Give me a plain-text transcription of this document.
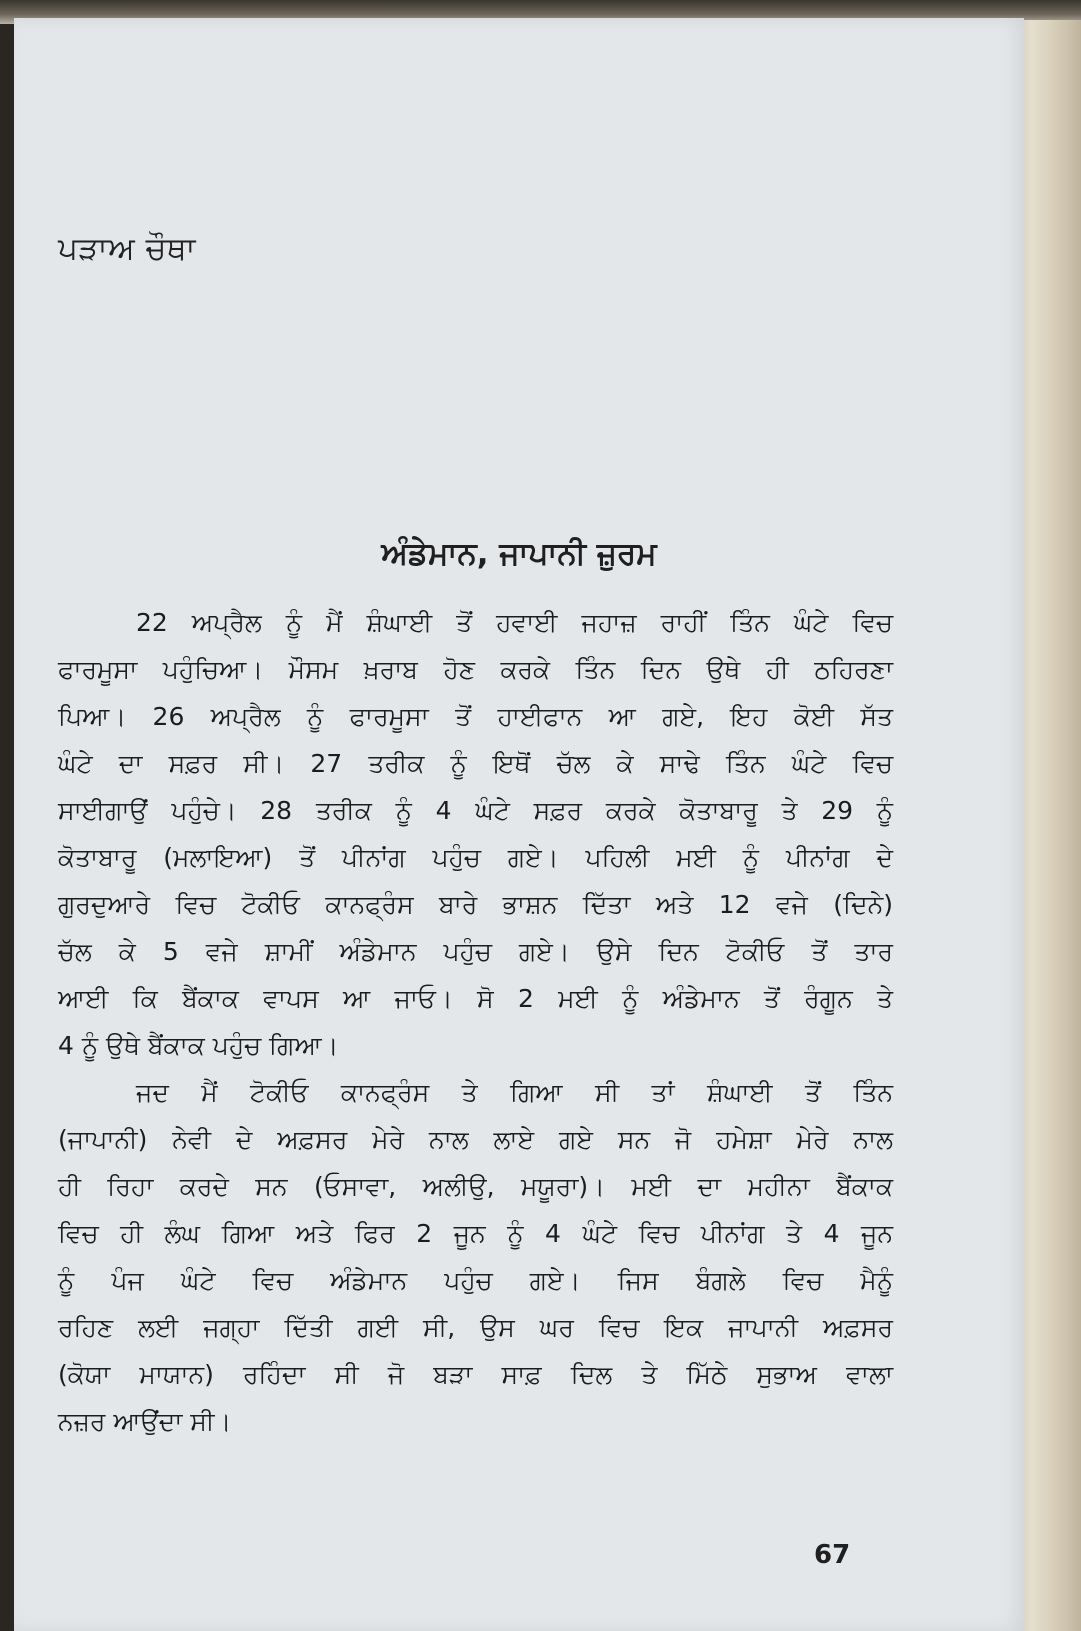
ਪੜਾਅ ਚੌਥਾ
ਅੰਡੇਮਾਨ, ਜਾਪਾਨੀ ਜ਼ੁਰਮ
22 ਅਪ੍ਰੈਲ ਨੂੰ ਮੈਂ ਸ਼ੰਘਾਈ ਤੋਂ ਹਵਾਈ ਜਹਾਜ਼ ਰਾਹੀਂ ਤਿੰਨ ਘੰਟੇ ਵਿਚ
ਫਾਰਮੂਸਾ ਪਹੁੰਚਿਆ। ਮੌਸਮ ਖ਼ਰਾਬ ਹੋਣ ਕਰਕੇ ਤਿੰਨ ਦਿਨ ਉਥੇ ਹੀ ਠਹਿਰਣਾ
ਪਿਆ। 26 ਅਪ੍ਰੈਲ ਨੂੰ ਫਾਰਮੂਸਾ ਤੋਂ ਹਾਈਫਾਨ ਆ ਗਏ, ਇਹ ਕੋਈ ਸੱਤ
ਘੰਟੇ ਦਾ ਸਫ਼ਰ ਸੀ। 27 ਤਰੀਕ ਨੂੰ ਇਥੋਂ ਚੱਲ ਕੇ ਸਾਢੇ ਤਿੰਨ ਘੰਟੇ ਵਿਚ
ਸਾਈਗਾਉਂ ਪਹੁੰਚੇ। 28 ਤਰੀਕ ਨੂੰ 4 ਘੰਟੇ ਸਫ਼ਰ ਕਰਕੇ ਕੋਤਾਬਾਰੂ ਤੇ 29 ਨੂੰ
ਕੋਤਾਬਾਰੂ (ਮਲਾਇਆ) ਤੋਂ ਪੀਨਾਂਗ ਪਹੁੰਚ ਗਏ। ਪਹਿਲੀ ਮਈ ਨੂੰ ਪੀਨਾਂਗ ਦੇ
ਗੁਰਦੁਆਰੇ ਵਿਚ ਟੋਕੀਓ ਕਾਨਫ੍ਰੰਸ ਬਾਰੇ ਭਾਸ਼ਨ ਦਿੱਤਾ ਅਤੇ 12 ਵਜੇ (ਦਿਨੇ)
ਚੱਲ ਕੇ 5 ਵਜੇ ਸ਼ਾਮੀਂ ਅੰਡੇਮਾਨ ਪਹੁੰਚ ਗਏ। ਉਸੇ ਦਿਨ ਟੋਕੀਓ ਤੋਂ ਤਾਰ
ਆਈ ਕਿ ਬੈਂਕਾਕ ਵਾਪਸ ਆ ਜਾਓ। ਸੋ 2 ਮਈ ਨੂੰ ਅੰਡੇਮਾਨ ਤੋਂ ਰੰਗੂਨ ਤੇ
4 ਨੂੰ ਉਥੇ ਬੈਂਕਾਕ ਪਹੁੰਚ ਗਿਆ।
ਜਦ ਮੈਂ ਟੋਕੀਓ ਕਾਨਫ੍ਰੰਸ ਤੇ ਗਿਆ ਸੀ ਤਾਂ ਸ਼ੰਘਾਈ ਤੋਂ ਤਿੰਨ
(ਜਾਪਾਨੀ) ਨੇਵੀ ਦੇ ਅਫ਼ਸਰ ਮੇਰੇ ਨਾਲ ਲਾਏ ਗਏ ਸਨ ਜੋ ਹਮੇਸ਼ਾ ਮੇਰੇ ਨਾਲ
ਹੀ ਰਿਹਾ ਕਰਦੇ ਸਨ (ਓਸਾਵਾ, ਅਲੀਉ, ਮਯੂਰਾ)। ਮਈ ਦਾ ਮਹੀਨਾ ਬੈਂਕਾਕ
ਵਿਚ ਹੀ ਲੰਘ ਗਿਆ ਅਤੇ ਫਿਰ 2 ਜੂਨ ਨੂੰ 4 ਘੰਟੇ ਵਿਚ ਪੀਨਾਂਗ ਤੇ 4 ਜੂਨ
ਨੂੰ ਪੰਜ ਘੰਟੇ ਵਿਚ ਅੰਡੇਮਾਨ ਪਹੁੰਚ ਗਏ। ਜਿਸ ਬੰਗਲੇ ਵਿਚ ਮੈਨੂੰ
ਰਹਿਣ ਲਈ ਜਗ੍ਹਾ ਦਿੱਤੀ ਗਈ ਸੀ, ਉਸ ਘਰ ਵਿਚ ਇਕ ਜਾਪਾਨੀ ਅਫ਼ਸਰ
(ਕੋਯਾ ਮਾਯਾਨ) ਰਹਿੰਦਾ ਸੀ ਜੋ ਬੜਾ ਸਾਫ਼ ਦਿਲ ਤੇ ਮਿੱਠੇ ਸੁਭਾਅ ਵਾਲਾ
ਨਜ਼ਰ ਆਉਂਦਾ ਸੀ।
67
